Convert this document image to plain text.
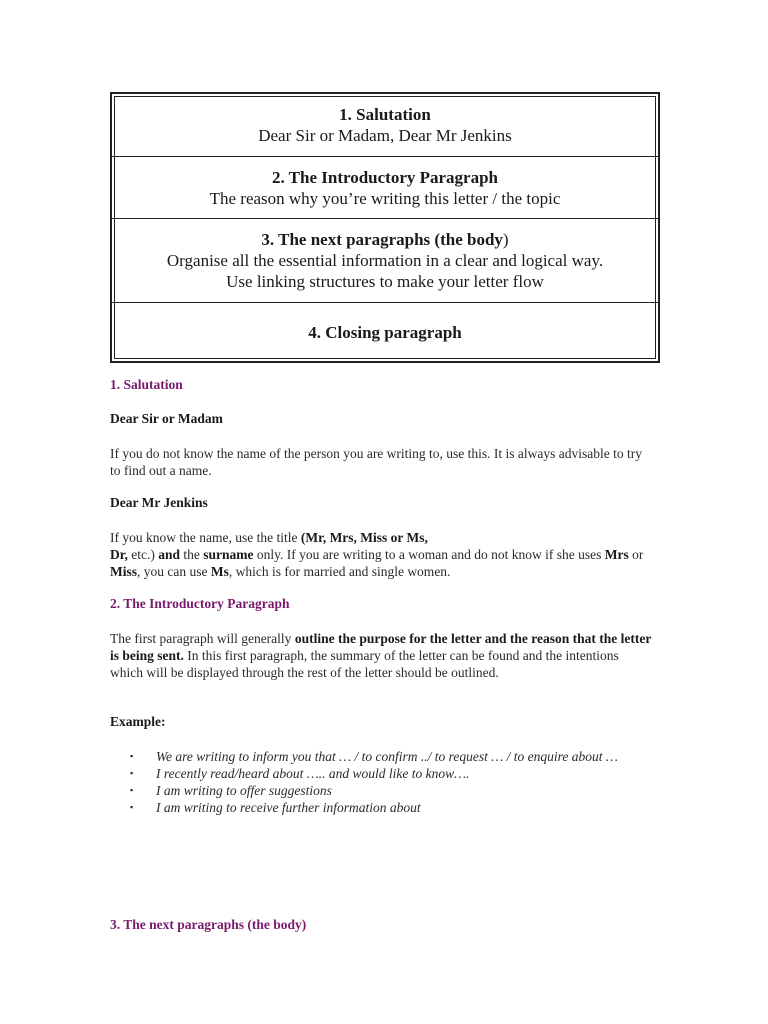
1. Salutation
Dear Sir or Madam, Dear Mr Jenkins
2. The Introductory Paragraph
The reason why you’re writing this letter / the topic
3. The next paragraphs (the body)
Organise all the essential information in a clear and logical way.
Use linking structures to make your letter flow
4. Closing paragraph
1. Salutation
Dear Sir or Madam
If you do not know the name of the person you are writing to, use this. It is always advisable to try to find out a name.
Dear Mr Jenkins
If you know the name, use the title (Mr, Mrs, Miss or Ms,
Dr, etc.) and the surname only. If you are writing to a woman and do not know if she uses Mrs or Miss, you can use Ms, which is for married and single women.
2. The Introductory Paragraph
The first paragraph will generally outline the purpose for the letter and the reason that the letter is being sent. In this first paragraph, the summary of the letter can be found and the intentions which will be displayed through the rest of the letter should be outlined.
Example:
▪ We are writing to inform you that … / to confirm ../ to request … / to enquire about …
▪ I recently read/heard about ….. and would like to know….
▪ I am writing to offer suggestions
▪ I am writing to receive further information about
3. The next paragraphs (the body)
